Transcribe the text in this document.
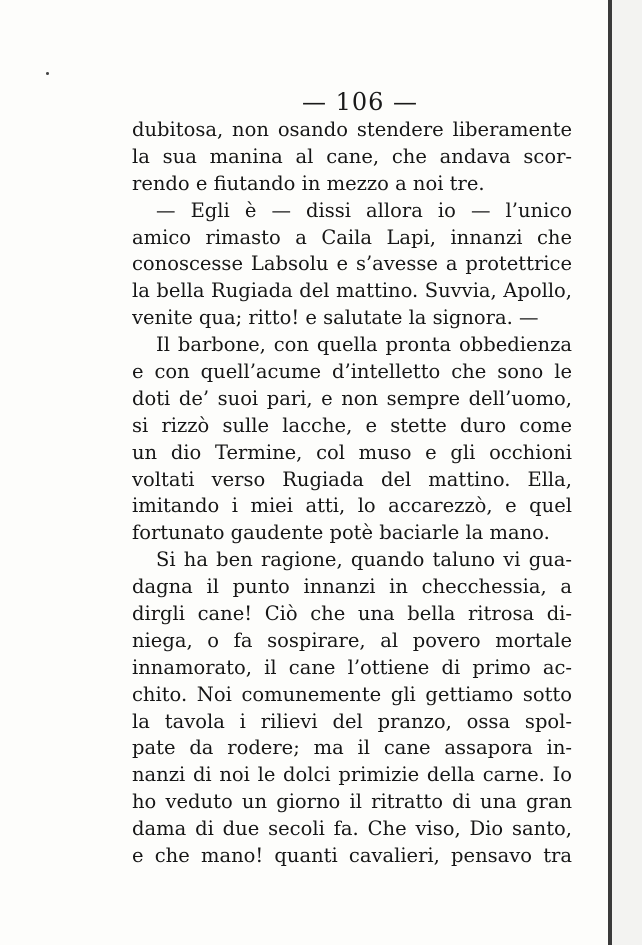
— 106 —
dubitosa, non osando stendere liberamente
la sua manina al cane, che andava scor-
rendo e fiutando in mezzo a noi tre.
— Egli è — dissi allora io — l’unico
amico rimasto a Caila Lapi, innanzi che
conoscesse Labsolu e s’avesse a protettrice
la bella Rugiada del mattino. Suvvia, Apollo,
venite qua; ritto! e salutate la signora. —
Il barbone, con quella pronta obbedienza
e con quell’acume d’intelletto che sono le
doti de’ suoi pari, e non sempre dell’uomo,
si rizzò sulle lacche, e stette duro come
un dio Termine, col muso e gli occhioni
voltati verso Rugiada del mattino. Ella,
imitando i miei atti, lo accarezzò, e quel
fortunato gaudente potè baciarle la mano.
Si ha ben ragione, quando taluno vi gua-
dagna il punto innanzi in checchessia, a
dirgli cane! Ciò che una bella ritrosa di-
niega, o fa sospirare, al povero mortale
innamorato, il cane l’ottiene di primo ac-
chito. Noi comunemente gli gettiamo sotto
la tavola i rilievi del pranzo, ossa spol-
pate da rodere; ma il cane assapora in-
nanzi di noi le dolci primizie della carne. Io
ho veduto un giorno il ritratto di una gran
dama di due secoli fa. Che viso, Dio santo,
e che mano! quanti cavalieri, pensavo tra
